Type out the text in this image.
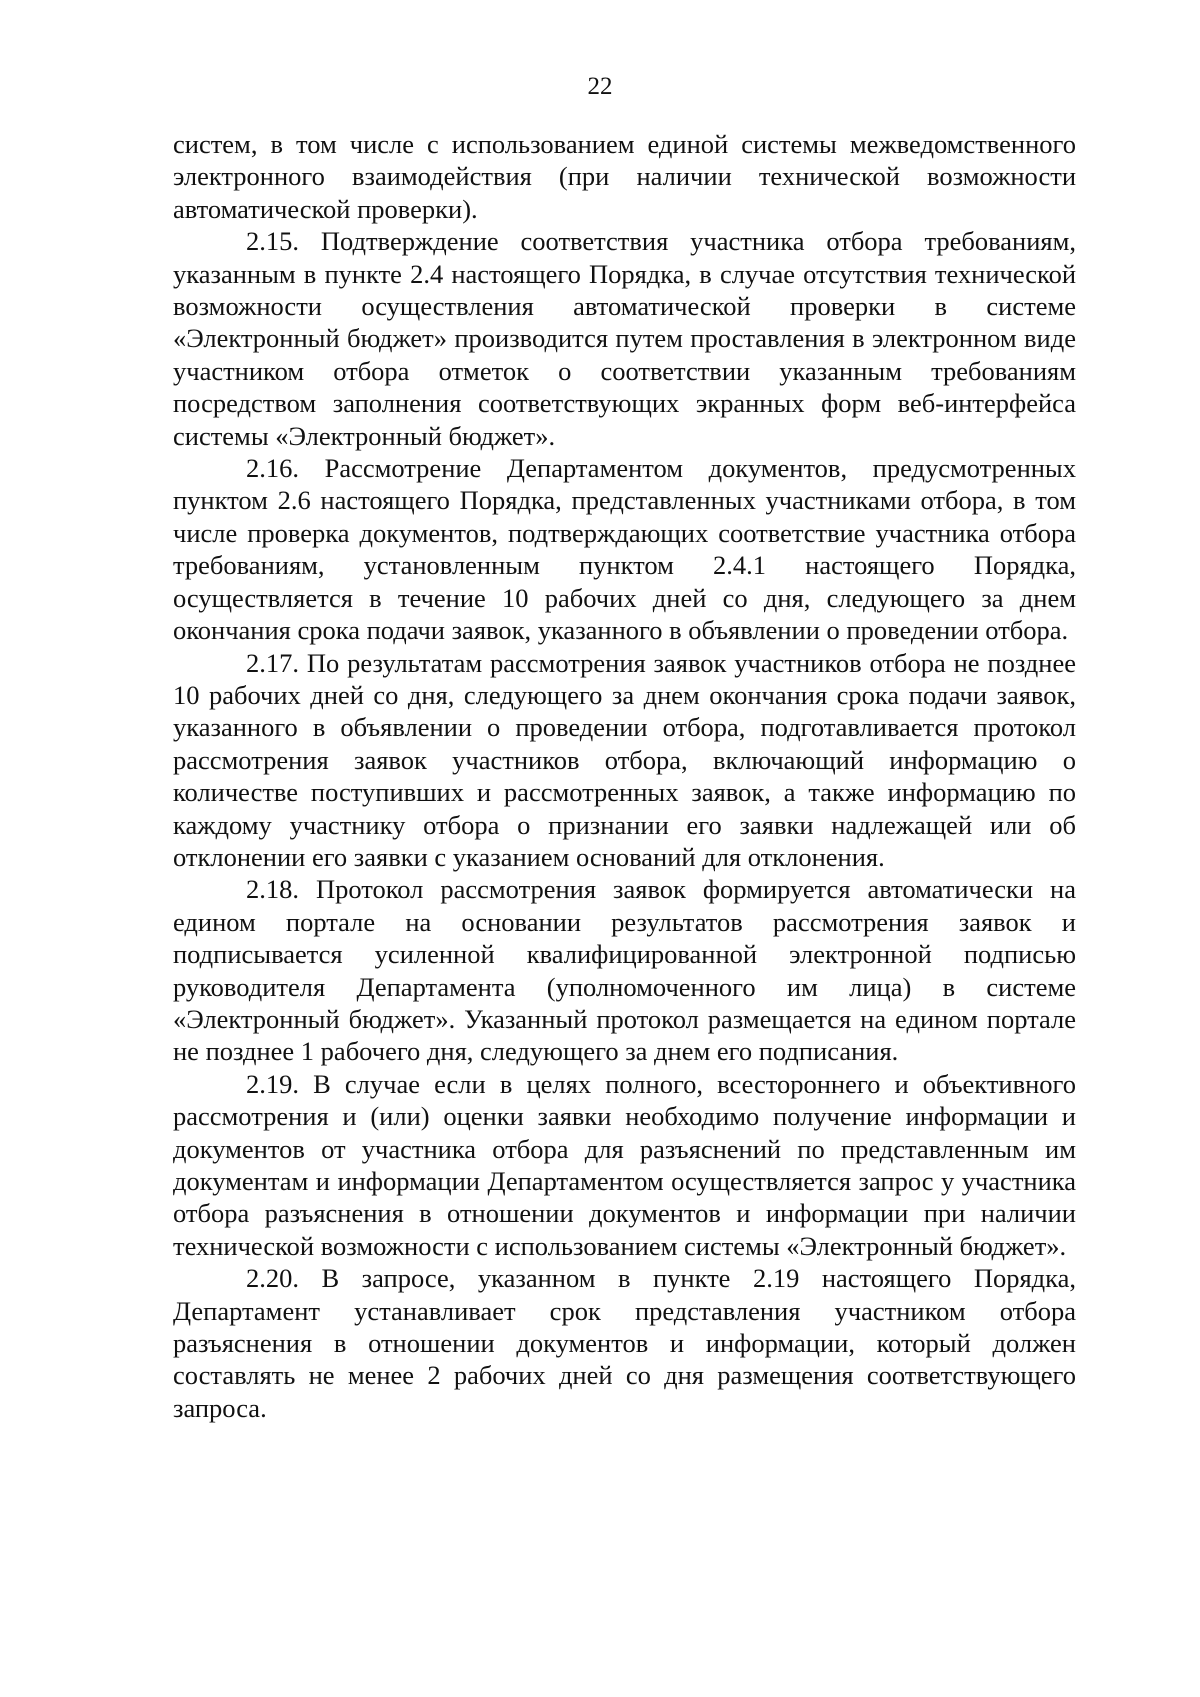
22

систем, в том числе с использованием единой системы межведомственного электронного взаимодействия (при наличии технической возможности автоматической проверки).

2.15. Подтверждение соответствия участника отбора требованиям, указанным в пункте 2.4 настоящего Порядка, в случае отсутствия технической возможности осуществления автоматической проверки в системе «Электронный бюджет» производится путем проставления в электронном виде участником отбора отметок о соответствии указанным требованиям посредством заполнения соответствующих экранных форм веб-интерфейса системы «Электронный бюджет».

2.16. Рассмотрение Департаментом документов, предусмотренных пунктом 2.6 настоящего Порядка, представленных участниками отбора, в том числе проверка документов, подтверждающих соответствие участника отбора требованиям, установленным пунктом 2.4.1 настоящего Порядка, осуществляется в течение 10 рабочих дней со дня, следующего за днем окончания срока подачи заявок, указанного в объявлении о проведении отбора.

2.17. По результатам рассмотрения заявок участников отбора не позднее 10 рабочих дней со дня, следующего за днем окончания срока подачи заявок, указанного в объявлении о проведении отбора, подготавливается протокол рассмотрения заявок участников отбора, включающий информацию о количестве поступивших и рассмотренных заявок, а также информацию по каждому участнику отбора о признании его заявки надлежащей или об отклонении его заявки с указанием оснований для отклонения.

2.18. Протокол рассмотрения заявок формируется автоматически на едином портале на основании результатов рассмотрения заявок и подписывается усиленной квалифицированной электронной подписью руководителя Департамента (уполномоченного им лица) в системе «Электронный бюджет». Указанный протокол размещается на едином портале не позднее 1 рабочего дня, следующего за днем его подписания.

2.19. В случае если в целях полного, всестороннего и объективного рассмотрения и (или) оценки заявки необходимо получение информации и документов от участника отбора для разъяснений по представленным им документам и информации Департаментом осуществляется запрос у участника отбора разъяснения в отношении документов и информации при наличии технической возможности с использованием системы «Электронный бюджет».

2.20. В запросе, указанном в пункте 2.19 настоящего Порядка, Департамент устанавливает срок представления участником отбора разъяснения в отношении документов и информации, который должен составлять не менее 2 рабочих дней со дня размещения соответствующего запроса.
